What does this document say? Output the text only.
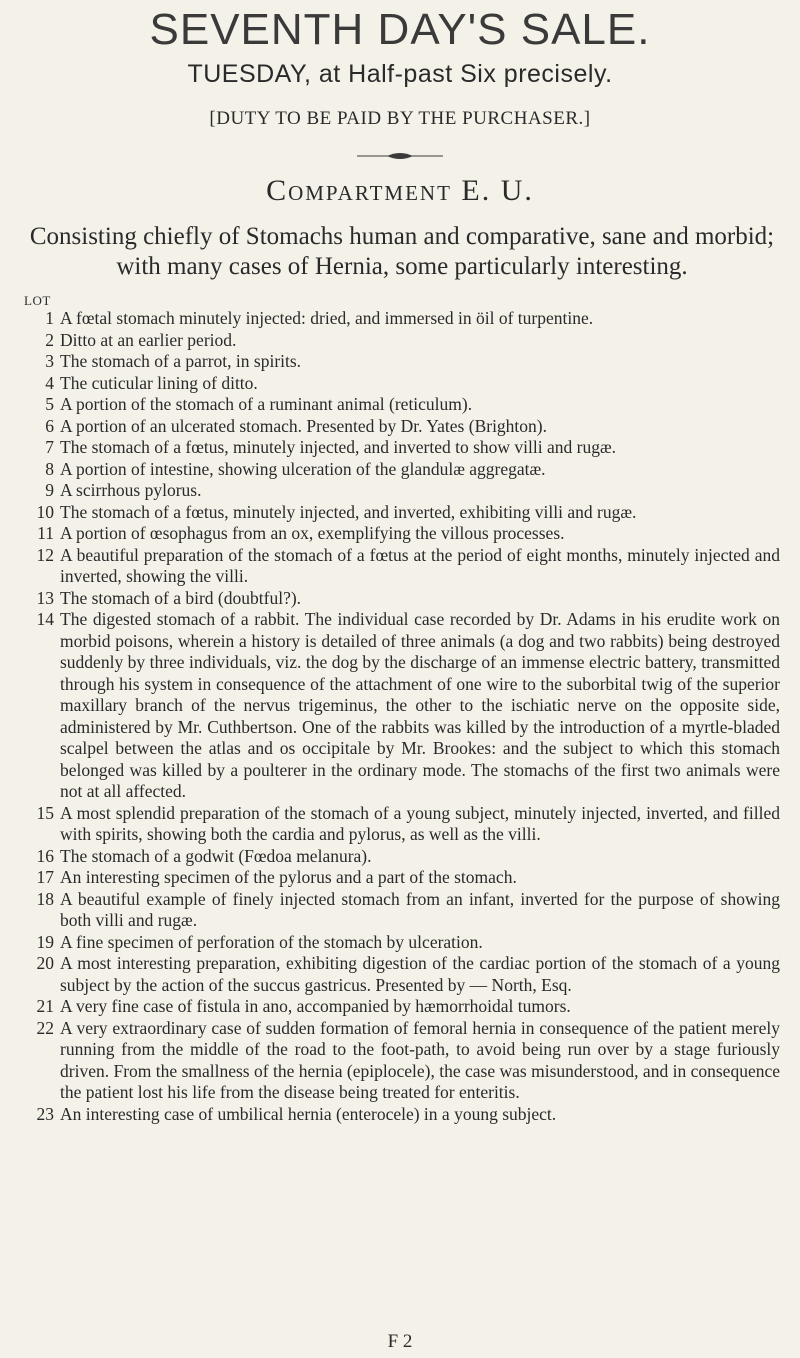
SEVENTH DAY'S SALE.
TUESDAY, at Half-past Six precisely.
[DUTY TO BE PAID BY THE PURCHASER.]
Compartment E. U.
Consisting chiefly of Stomachs human and comparative, sane and morbid; with many cases of Hernia, some particularly interesting.
LOT
1 A fœtal stomach minutely injected: dried, and immersed in öil of turpentine.
2 Ditto at an earlier period.
3 The stomach of a parrot, in spirits.
4 The cuticular lining of ditto.
5 A portion of the stomach of a ruminant animal (reticulum).
6 A portion of an ulcerated stomach. Presented by Dr. Yates (Brighton).
7 The stomach of a fœtus, minutely injected, and inverted to show villi and rugæ.
8 A portion of intestine, showing ulceration of the glandulæ aggregatæ.
9 A scirrhous pylorus.
10 The stomach of a fœtus, minutely injected, and inverted, exhibiting villi and rugæ.
11 A portion of œsophagus from an ox, exemplifying the villous processes.
12 A beautiful preparation of the stomach of a fœtus at the period of eight months, minutely injected and inverted, showing the villi.
13 The stomach of a bird (doubtful?).
14 The digested stomach of a rabbit. The individual case recorded by Dr. Adams in his erudite work on morbid poisons, wherein a history is detailed of three animals (a dog and two rabbits) being destroyed suddenly by three individuals, viz. the dog by the discharge of an immense electric battery, transmitted through his system in consequence of the attachment of one wire to the suborbital twig of the superior maxillary branch of the nervus trigeminus, the other to the ischiatic nerve on the opposite side, administered by Mr. Cuthbertson. One of the rabbits was killed by the introduction of a myrtle-bladed scalpel between the atlas and os occipitale by Mr. Brookes: and the subject to which this stomach belonged was killed by a poulterer in the ordinary mode. The stomachs of the first two animals were not at all affected.
15 A most splendid preparation of the stomach of a young subject, minutely injected, inverted, and filled with spirits, showing both the cardia and pylorus, as well as the villi.
16 The stomach of a godwit (Fœdoa melanura).
17 An interesting specimen of the pylorus and a part of the stomach.
18 A beautiful example of finely injected stomach from an infant, inverted for the purpose of showing both villi and rugæ.
19 A fine specimen of perforation of the stomach by ulceration.
20 A most interesting preparation, exhibiting digestion of the cardiac portion of the stomach of a young subject by the action of the succus gastricus. Presented by — North, Esq.
21 A very fine case of fistula in ano, accompanied by hæmorrhoidal tumors.
22 A very extraordinary case of sudden formation of femoral hernia in consequence of the patient merely running from the middle of the road to the foot-path, to avoid being run over by a stage furiously driven. From the smallness of the hernia (epiplocele), the case was misunderstood, and in consequence the patient lost his life from the disease being treated for enteritis.
23 An interesting case of umbilical hernia (enterocele) in a young subject.
F 2
